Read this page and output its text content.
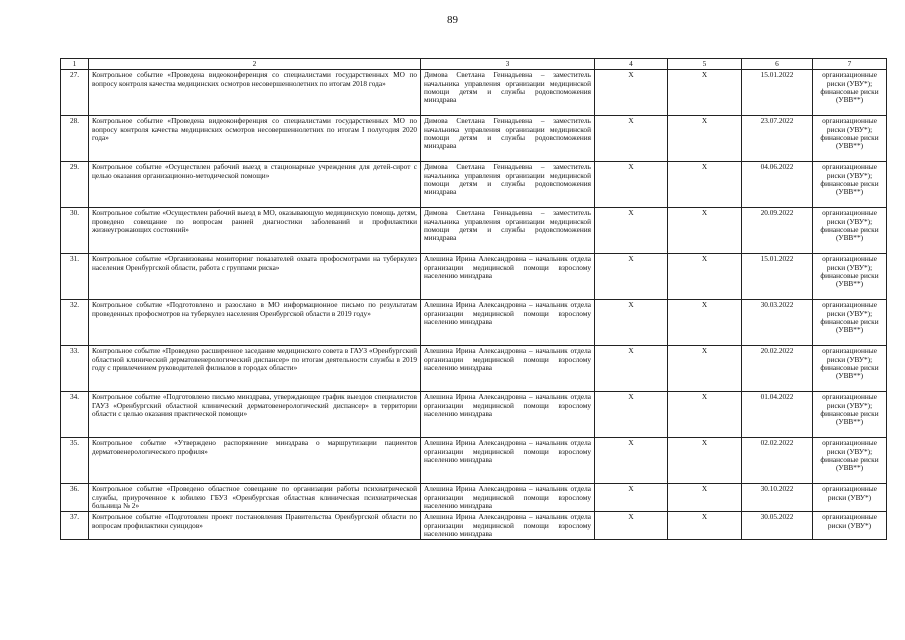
89
1	2	3	4	5	6	7
27.	Контрольное событие «Проведена видеоконференция со специалистами государственных МО по вопросу контроля качества медицинских осмотров несовершеннолетних по итогам 2018 года»	Димова Светлана Геннадьевна – заместитель начальника управления организации медицинской помощи детям и службы родовспоможения минздрава	Х	Х	15.01.2022	организационные риски (УВУ*); финансовые риски (УВВ**)
28.	Контрольное событие «Проведена видеоконференция со специалистами государственных МО по вопросу контроля качества медицинских осмотров несовершеннолетних по итогам I полугодия 2020 года»	Димова Светлана Геннадьевна – заместитель начальника управления организации медицинской помощи детям и службы родовспоможения минздрава	Х	Х	23.07.2022	организационные риски (УВУ*); финансовые риски (УВВ**)
29.	Контрольное событие «Осуществлен рабочий выезд в стационарные учреждения для детей-сирот с целью оказания организационно-методической помощи»	Димова Светлана Геннадьевна – заместитель начальника управления организации медицинской помощи детям и службы родовспоможения минздрава	Х	Х	04.06.2022	организационные риски (УВУ*); финансовые риски (УВВ**)
30.	Контрольное событие «Осуществлен рабочий выезд в МО, оказывающую медицинскую помощь детям, проведено совещание по вопросам ранней диагностики заболеваний и профилактики жизнеугрожающих состояний»	Димова Светлана Геннадьевна – заместитель начальника управления организации медицинской помощи детям и службы родовспоможения минздрава	Х	Х	20.09.2022	организационные риски (УВУ*); финансовые риски (УВВ**)
31.	Контрольное событие «Организованы мониторинг показателей охвата профосмотрами на туберкулез населения Оренбургской области, работа с группами риска»	Алешина Ирина Александровна – начальник отдела организации медицинской помощи взрослому населению минздрава	Х	Х	15.01.2022	организационные риски (УВУ*); финансовые риски (УВВ**)
32.	Контрольное событие «Подготовлено и разослано в МО информационное письмо по результатам проведенных профосмотров на туберкулез населения Оренбургской области в 2019 году»	Алешина Ирина Александровна – начальник отдела организации медицинской помощи взрослому населению минздрава	Х	Х	30.03.2022	организационные риски (УВУ*); финансовые риски (УВВ**)
33.	Контрольное событие «Проведено расширенное заседание медицинского совета в ГАУЗ «Оренбургский областной клинический дерматовенерологический диспансер» по итогам деятельности службы в 2019 году с привлечением руководителей филиалов в городах области»	Алешина Ирина Александровна – начальник отдела организации медицинской помощи взрослому населению минздрава	Х	Х	20.02.2022	организационные риски (УВУ*); финансовые риски (УВВ**)
34.	Контрольное событие «Подготовлено письмо минздрава, утверждающее график выездов специалистов ГАУЗ «Оренбургский областной клинический дерматовенерологический диспансер» в территории области с целью оказания практической помощи»	Алешина Ирина Александровна – начальник отдела организации медицинской помощи взрослому населению минздрава	Х	Х	01.04.2022	организационные риски (УВУ*); финансовые риски (УВВ**)
35.	Контрольное событие «Утверждено распоряжение минздрава о маршрутизации пациентов дерматовенерологического профиля»	Алешина Ирина Александровна – начальник отдела организации медицинской помощи взрослому населению минздрава	Х	Х	02.02.2022	организационные риски (УВУ*); финансовые риски (УВВ**)
36.	Контрольное событие «Проведено областное совещание по организации работы психиатрической службы, приуроченное к юбилею ГБУЗ «Оренбургская областная клиническая психиатрическая больница № 2»	Алешина Ирина Александровна – начальник отдела организации медицинской помощи взрослому населению минздрава	Х	Х	30.10.2022	организационные риски (УВУ*)
37.	Контрольное событие «Подготовлен проект постановления Правительства Оренбургской области по вопросам профилактики суицидов»	Алешина Ирина Александровна – начальник отдела организации медицинской помощи взрослому населению минздрава	Х	Х	30.05.2022	организационные риски (УВУ*)
